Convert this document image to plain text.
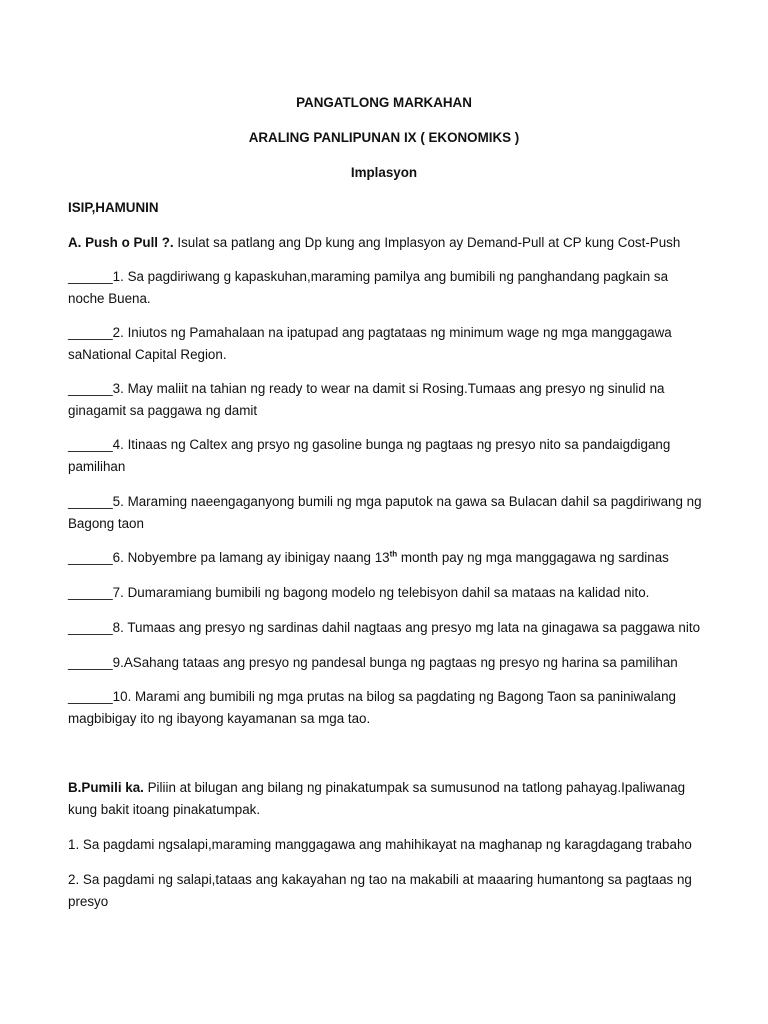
PANGATLONG MARKAHAN

ARALING PANLIPUNAN IX ( EKONOMIKS )

Implasyon

ISIP,HAMUNIN

A. Push o Pull ?. Isulat sa patlang ang Dp kung ang Implasyon ay Demand-Pull at CP kung Cost-Push

______1. Sa pagdiriwang g kapaskuhan,maraming pamilya ang bumibili ng panghandang pagkain sa noche Buena.

______2. Iniutos ng Pamahalaan na ipatupad ang pagtataas ng minimum wage ng mga manggagawa saNational Capital Region.

______3. May maliit na tahian ng ready to wear na damit si Rosing.Tumaas ang presyo ng sinulid na ginagamit sa paggawa ng damit

______4. Itinaas ng Caltex ang prsyo ng gasoline bunga ng pagtaas ng presyo nito sa pandaigdigang pamilihan

______5. Maraming naeengaganyong bumili ng mga paputok na gawa sa Bulacan dahil sa pagdiriwang ng Bagong taon

______6. Nobyembre pa lamang ay ibinigay naang 13th month pay ng mga manggagawa ng sardinas

______7. Dumaramiang bumibili ng bagong modelo ng telebisyon dahil sa mataas na kalidad nito.

______8. Tumaas ang presyo ng sardinas dahil nagtaas ang presyo mg lata na ginagawa sa paggawa nito

______9.ASahang tataas ang presyo ng pandesal bunga ng pagtaas ng presyo ng harina sa pamilihan

______10. Marami ang bumibili ng mga prutas na bilog sa pagdating ng Bagong Taon sa paniniwalang magbibigay ito ng ibayong kayamanan sa mga tao.

B.Pumili ka. Piliin at bilugan ang bilang ng pinakatumpak sa sumusunod na tatlong pahayag.Ipaliwanag kung bakit itoang pinakatumpak.

1. Sa pagdami ngsalapi,maraming manggagawa ang mahihikayat na maghanap ng karagdagang trabaho

2. Sa pagdami ng salapi,tataas ang kakayahan ng tao na makabili at maaaring humantong sa pagtaas ng presyo
